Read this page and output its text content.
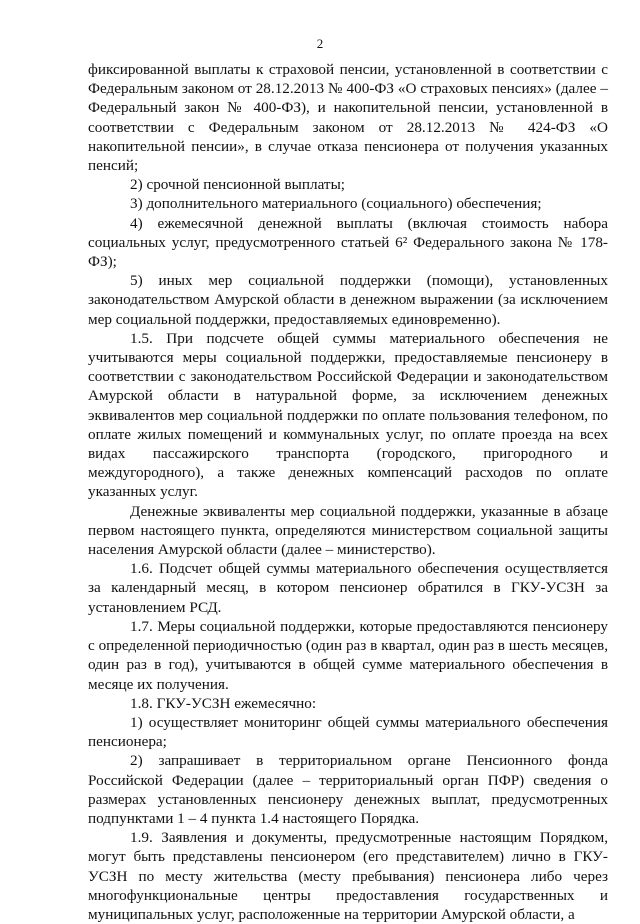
2

фиксированной выплаты к страховой пенсии, установленной в соответствии с Федеральным законом от 28.12.2013 № 400-ФЗ «О страховых пенсиях» (далее – Федеральный закон № 400-ФЗ), и накопительной пенсии, установленной в соответствии с Федеральным законом от 28.12.2013 № 424-ФЗ «О накопительной пенсии», в случае отказа пенсионера от получения указанных пенсий;

2) срочной пенсионной выплаты;

3) дополнительного материального (социального) обеспечения;

4) ежемесячной денежной выплаты (включая стоимость набора социальных услуг, предусмотренного статьей 6² Федерального закона № 178-ФЗ);

5) иных мер социальной поддержки (помощи), установленных законодательством Амурской области в денежном выражении (за исключением мер социальной поддержки, предоставляемых единовременно).

1.5. При подсчете общей суммы материального обеспечения не учитываются меры социальной поддержки, предоставляемые пенсионеру в соответствии с законодательством Российской Федерации и законодательством Амурской области в натуральной форме, за исключением денежных эквивалентов мер социальной поддержки по оплате пользования телефоном, по оплате жилых помещений и коммунальных услуг, по оплате проезда на всех видах пассажирского транспорта (городского, пригородного и междугородного), а также денежных компенсаций расходов по оплате указанных услуг.

Денежные эквиваленты мер социальной поддержки, указанные в абзаце первом настоящего пункта, определяются министерством социальной защиты населения Амурской области (далее – министерство).

1.6. Подсчет общей суммы материального обеспечения осуществляется за календарный месяц, в котором пенсионер обратился в ГКУ-УСЗН за установлением РСД.

1.7. Меры социальной поддержки, которые предоставляются пенсионеру с определенной периодичностью (один раз в квартал, один раз в шесть месяцев, один раз в год), учитываются в общей сумме материального обеспечения в месяце их получения.

1.8. ГКУ-УСЗН ежемесячно:

1) осуществляет мониторинг общей суммы материального обеспечения пенсионера;

2) запрашивает в территориальном органе Пенсионного фонда Российской Федерации (далее – территориальный орган ПФР) сведения о размерах установленных пенсионеру денежных выплат, предусмотренных подпунктами 1 – 4 пункта 1.4 настоящего Порядка.

1.9. Заявления и документы, предусмотренные настоящим Порядком, могут быть представлены пенсионером (его представителем) лично в ГКУ-УСЗН по месту жительства (месту пребывания) пенсионера либо через многофункциональные центры предоставления государственных и муниципальных услуг, расположенные на территории Амурской области, а
